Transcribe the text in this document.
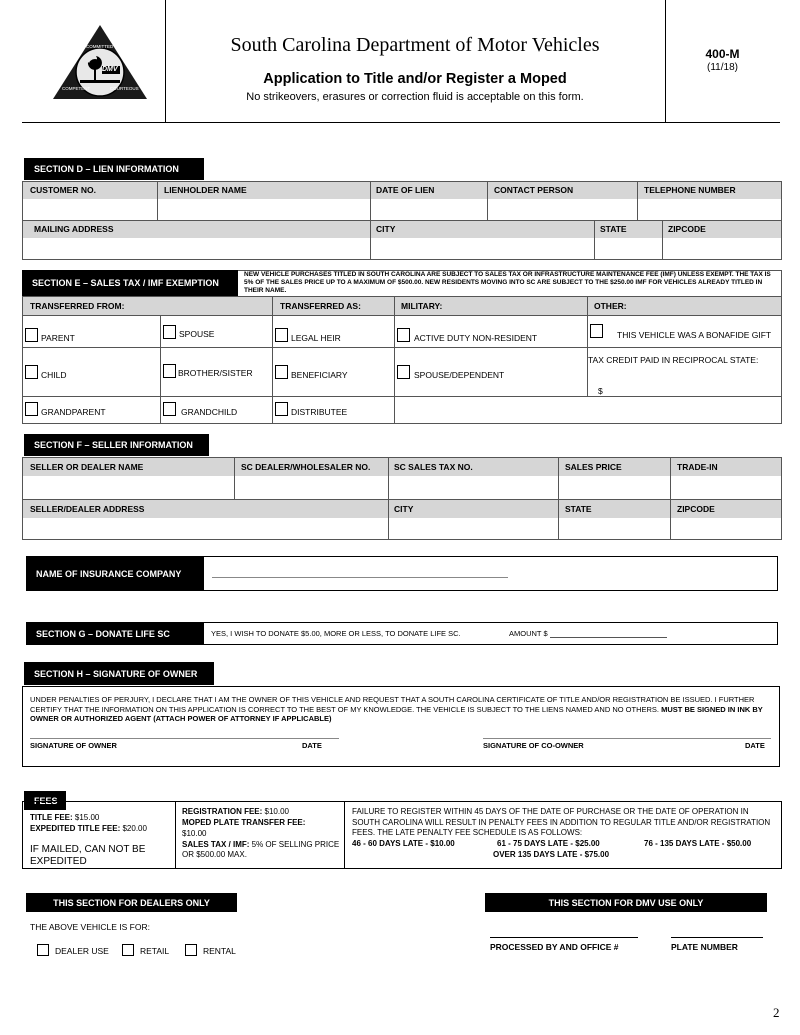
COMMITTED
COMPETENT	COURTEOUS
DMV
South Carolina Department of Motor Vehicles
Application to Title and/or Register a Moped
No strikeovers, erasures or correction fluid is acceptable on this form.
400-M
(11/18)
SECTION D – LIEN INFORMATION
CUSTOMER NO.	LIENHOLDER NAME	DATE OF LIEN	CONTACT PERSON	TELEPHONE NUMBER
MAILING ADDRESS	CITY	STATE	ZIPCODE
SECTION E – SALES TAX / IMF EXEMPTION
NEW VEHICLE PURCHASES TITLED IN SOUTH CAROLINA ARE SUBJECT TO SALES TAX OR INFRASTRUCTURE MAINTENANCE FEE (IMF) UNLESS EXEMPT. THE TAX IS 5% OF THE SALES PRICE UP TO A MAXIMUM OF $500.00. NEW RESIDENTS MOVING INTO SC ARE SUBJECT TO THE $250.00 IMF FOR VEHICLES ALREADY TITLED IN THEIR NAME.
TRANSFERRED FROM:	TRANSFERRED AS:	MILITARY:	OTHER:
PARENT	SPOUSE	LEGAL HEIR	ACTIVE DUTY NON-RESIDENT	THIS VEHICLE WAS A BONAFIDE GIFT
CHILD	BROTHER/SISTER	BENEFICIARY	SPOUSE/DEPENDENT
TAX CREDIT PAID IN RECIPROCAL STATE:
$
GRANDPARENT	GRANDCHILD	DISTRIBUTEE
SECTION F – SELLER INFORMATION
SELLER OR DEALER NAME	SC DEALER/WHOLESALER NO.	SC SALES TAX NO.	SALES PRICE	TRADE-IN
SELLER/DEALER ADDRESS	CITY	STATE	ZIPCODE
NAME OF INSURANCE COMPANY
SECTION G – DONATE LIFE SC	YES, I WISH TO DONATE $5.00, MORE OR LESS, TO DONATE LIFE SC.	AMOUNT $
SECTION H – SIGNATURE OF OWNER
UNDER PENALTIES OF PERJURY, I DECLARE THAT I AM THE OWNER OF THIS VEHICLE AND REQUEST THAT A SOUTH CAROLINA CERTIFICATE OF TITLE AND/OR REGISTRATION BE ISSUED. I FURTHER CERTIFY THAT THE INFORMATION ON THIS APPLICATION IS CORRECT TO THE BEST OF MY KNOWLEDGE. THE VEHICLE IS SUBJECT TO THE LIENS NAMED AND NO OTHERS. MUST BE SIGNED IN INK BY OWNER OR AUTHORIZED AGENT (ATTACH POWER OF ATTORNEY IF APPLICABLE)
SIGNATURE OF OWNER	DATE	SIGNATURE OF CO-OWNER	DATE
FEES
TITLE FEE: $15.00
EXPEDITED TITLE FEE: $20.00
IF MAILED, CAN NOT BE EXPEDITED
REGISTRATION FEE: $10.00
MOPED PLATE TRANSFER FEE:
$10.00
SALES TAX / IMF: 5% OF SELLING PRICE OR $500.00 MAX.
FAILURE TO REGISTER WITHIN 45 DAYS OF THE DATE OF PURCHASE OR THE DATE OF OPERATION IN SOUTH CAROLINA WILL RESULT IN PENALTY FEES IN ADDITION TO REGULAR TITLE AND/OR REGISTRATION FEES. THE LATE PENALTY FEE SCHEDULE IS AS FOLLOWS:
46 - 60 DAYS LATE - $10.00	61 - 75 DAYS LATE - $25.00	76 - 135 DAYS LATE - $50.00
OVER 135 DAYS LATE - $75.00
THIS SECTION FOR DEALERS ONLY
THE ABOVE VEHICLE IS FOR:
DEALER USE	RETAIL	RENTAL
THIS SECTION FOR DMV USE ONLY
PROCESSED BY AND OFFICE #	PLATE NUMBER
2
